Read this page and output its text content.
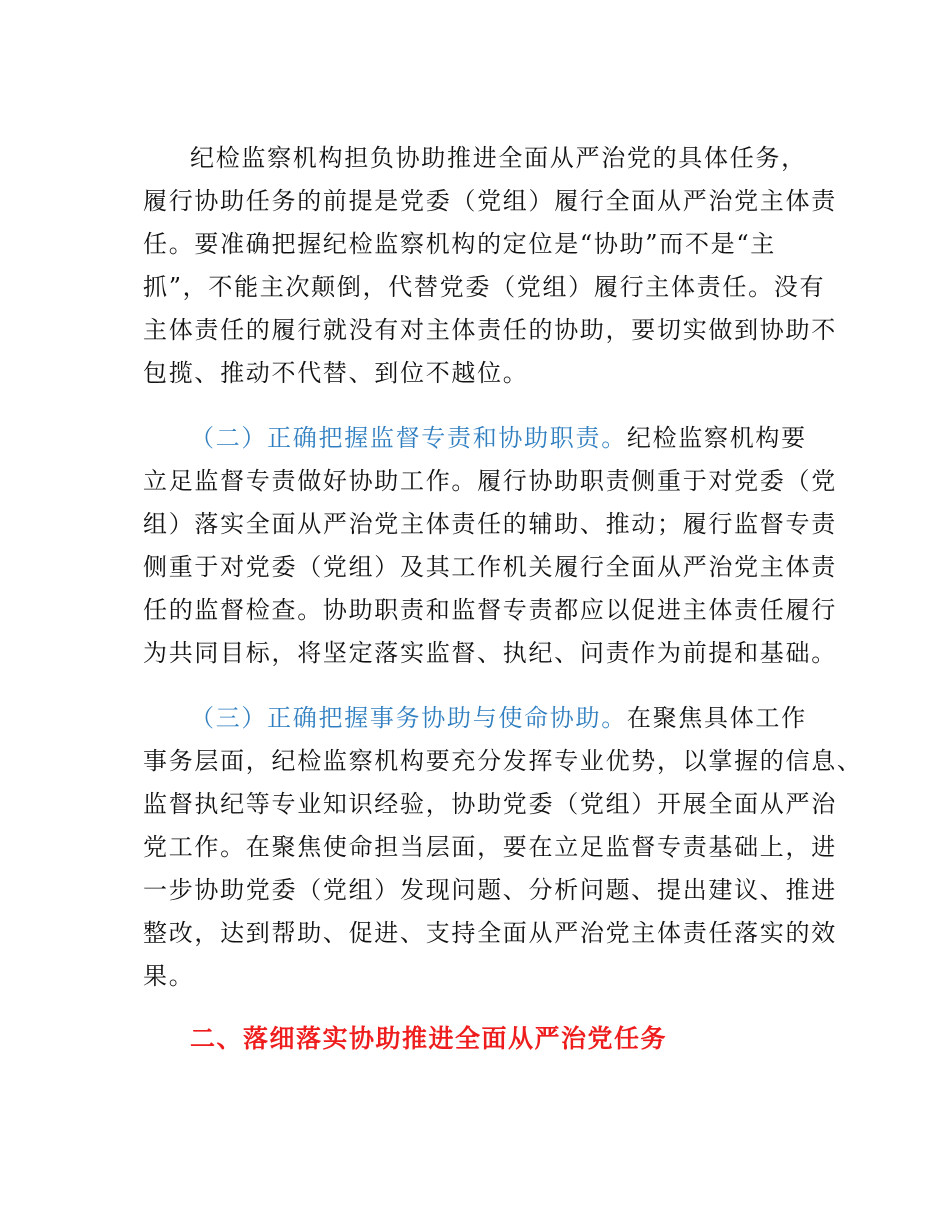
纪检监察机构担负协助推进全面从严治党的具体任务，
履行协助任务的前提是党委（党组）履行全面从严治党主体责
任。要准确把握纪检监察机构的定位是“协助”而不是“主
抓”，不能主次颠倒，代替党委（党组）履行主体责任。没有
主体责任的履行就没有对主体责任的协助，要切实做到协助不
包揽、推动不代替、到位不越位。
（二）正确把握监督专责和协助职责。纪检监察机构要
立足监督专责做好协助工作。履行协助职责侧重于对党委（党
组）落实全面从严治党主体责任的辅助、推动；履行监督专责
侧重于对党委（党组）及其工作机关履行全面从严治党主体责
任的监督检查。协助职责和监督专责都应以促进主体责任履行
为共同目标，将坚定落实监督、执纪、问责作为前提和基础。
（三）正确把握事务协助与使命协助。在聚焦具体工作
事务层面，纪检监察机构要充分发挥专业优势，以掌握的信息、
监督执纪等专业知识经验，协助党委（党组）开展全面从严治
党工作。在聚焦使命担当层面，要在立足监督专责基础上，进
一步协助党委（党组）发现问题、分析问题、提出建议、推进
整改，达到帮助、促进、支持全面从严治党主体责任落实的效
果。
二、落细落实协助推进全面从严治党任务
